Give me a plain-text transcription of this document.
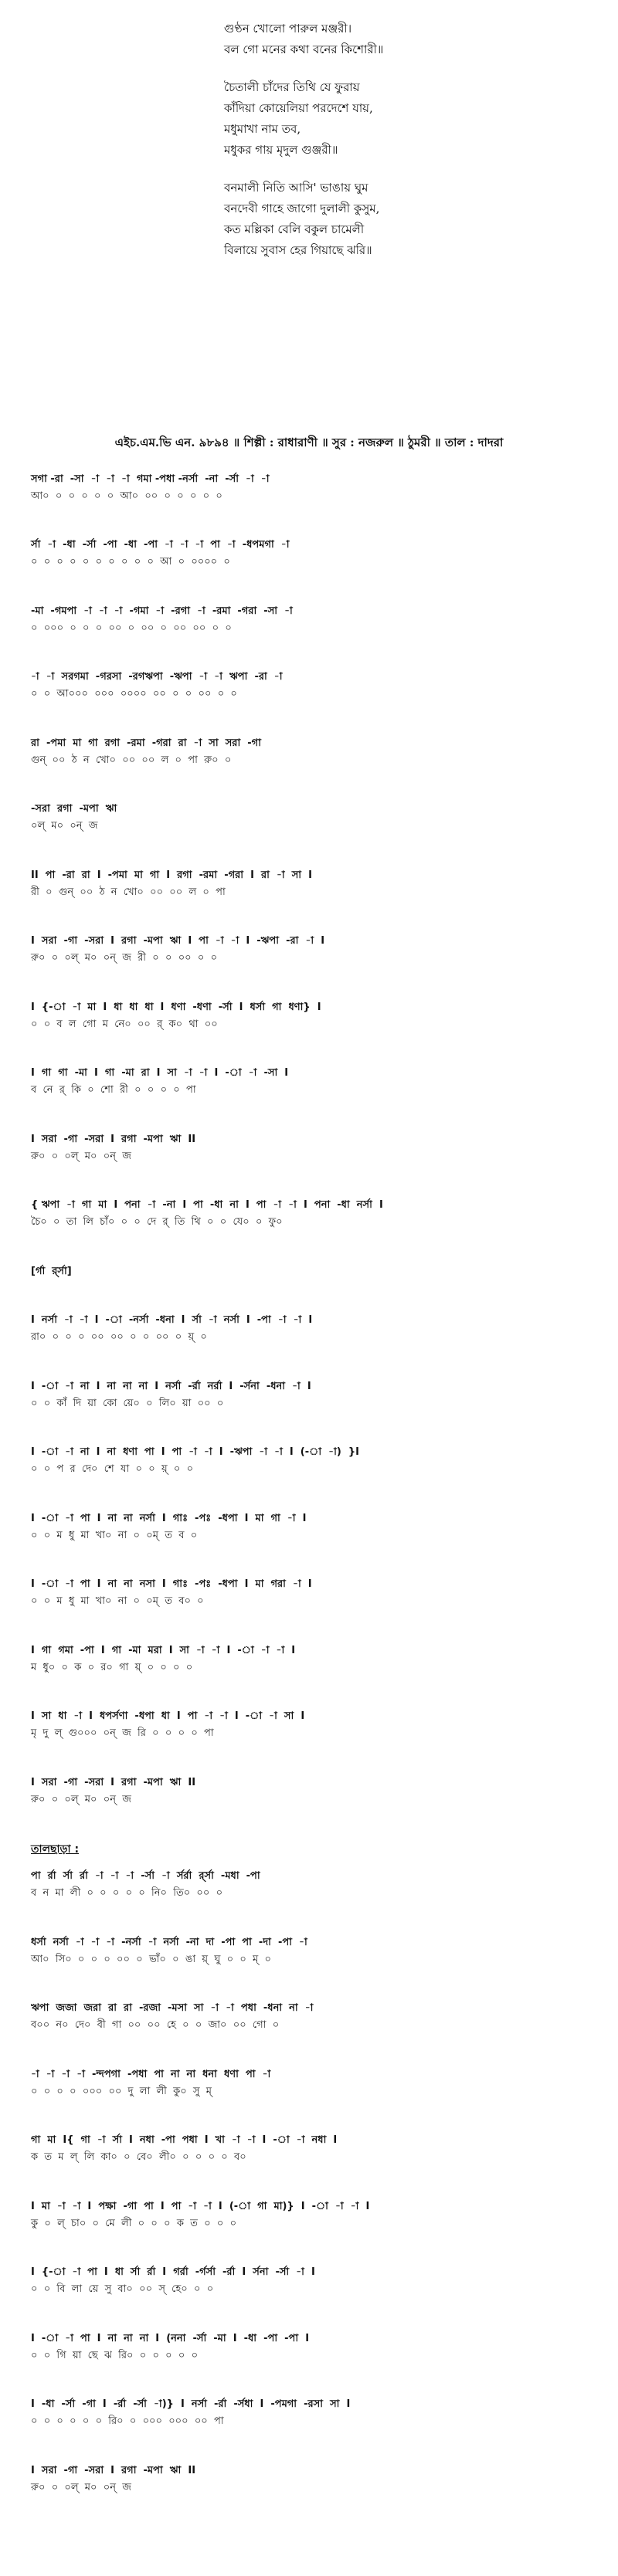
গুণ্ঠন খোলো পারুল মঞ্জরী।
বল গো মনের কথা বনের কিশোরী॥
চৈতালী চাঁদের তিথি যে ফুরায়
কাঁদিয়া কোয়েলিয়া পরদেশে যায়,
মধুমাখা নাম তব,
মধুকর গায় মৃদুল গুঞ্জরী॥
বনমালী নিতি আসি' ভাঙায় ঘুম
বনদেবী গাহে জাগো দুলালী কুসুম,
কত মল্লিকা বেলি বকুল চামেলী
বিলায়ে সুবাস হের গিয়াছে ঝরি॥
এইচ.এম.ভি এন. ৯৮৯৪ ॥ শিল্পী : রাধারাণী ॥ সুর : নজরুল ॥ ঠুমরী ॥ তাল : দাদরা
সগা -রা  -সা  -া  -া  -া  গমা -পধা -নর্সা  -না  -র্সা  -া  -া
আ০  ০  ০  ০  ০  ০  আ০  ০০  ০  ০  ০  ০  ০
র্সা  -া  -ধা  -র্সা  -পা  -ধা  -পা  -া  -া  -া  পা  -া  -ধপমগা  -া
০  ০  ০  ০  ০  ০  ০  ০  ০  ০  আ  ০  ০০০০  ০
-মা  -গমপা  -া  -া  -া  -গমা  -া  -রগা  -া  -রমা  -গরা  -সা  -া
০  ০০০  ০  ০  ০  ০০  ০  ০০  ০  ০০  ০০  ০  ০
-া  -া  সরগমা  -গরসা  -রগঋপা  -ঋপা  -া  -া  ঋপা  -রা  -া
০  ০  আ০০০  ০০০  ০০০০  ০০  ০  ০  ০০  ০  ০
রা  -পমা  মা  গা  রগা  -রমা  -গরা  রা  -া  সা  সরা  -গা
গুন্  ০০  ঠ  ন  খো০  ০০  ০০  ল  ০  পা  রু০  ০
-সরা  রগা  -মপা  ঋা
০ল্  ম০  ০ন্  জ
II  পা  -রা  রা  I  -পমা  মা  গা  I  রগা  -রমা  -গরা  I  রা  -া  সা  I
রী  ০  গুন্  ০০  ঠ  ন  খো০  ০০  ০০  ল  ০  পা
I  সরা  -গা  -সরা  I  রগা  -মপা  ঋা  I  পা  -া  -া  I  -ঋপা  -রা  -া  I
রু০  ০  ০ল্  ম০  ০ন্  জ  রী  ০  ০  ০০  ০  ০
I  {-া  -া  মা  I  ধা  ধা  ধা  I  ধণা  -ধণা  -র্সা  I  ধর্সা  গা  ধণা}  I
০  ০  ব  ল  গো  ম  নে০  ০০  র্  ক০  থা  ০০
I  গা  গা  -মা  I  গা  -মা  রা  I  সা  -া  -া  I  -া  -া  -সা  I
ব  নে  র্  কি  ০  শো  রী  ০  ০  ০  ০  পা
I  সরা  -গা  -সরা  I  রগা  -মপা  ঋা  II
রু০  ০  ০ল্  ম০  ০ন্  জ
{ ঋপা  -া  গা  মা  I  পনা  -া  -না  I  পা  -ধা  না  I  পা  -া  -া  I  পনা  -ধা  নর্সা  I
চৈ০  ০  তা  লি  চাঁ০  ০  ০  দে  র্  তি  থি  ০  ০  যে০  ০  ফু০
[র্গা  র্র্সা]
I  নর্সা  -া  -া  I  -া  -নর্সা  -ধনা  I  র্সা  -া  নর্সা  I  -পা  -া  -া  I
রা০  ০  ০  ০  ০০  ০০  ০  ০  ০০  ০  য়্  ০
I  -া  -া  না  I  না  না  না  I  নর্সা  -র্রা  নর্রা  I  -র্সনা  -ধনা  -া  I
০  ০  কাঁ  দি  য়া  কো  য়ে০  ০  লি০  য়া  ০০  ০
I  -া  -া  না  I  না  ধণা  পা  I  পা  -া  -া  I  -ঋপা  -া  -া  I  (-া  -া)  }I
০  ০  প  র  দে০  শে  যা  ০  ০  য়্  ০  ০
I  -া  -া  পা  I  না  না  নর্সা  I  গাঃ  -পঃ  -ধপা  I  মা  গা  -া  I
০  ০  ম  ধু  মা  খা০  না  ০  ০ম্  ত  ব  ০
I  -া  -া  পা  I  না  না  নসা  I  গাঃ  -পঃ  -ধপা  I  মা  গরা  -া  I
০  ০  ম  ধু  মা  খা০  না  ০  ০ম্  ত  ব০  ০
I  গা  গমা  -পা  I  গা  -মা  মরা  I  সা  -া  -া  I  -া  -া  -া  I
ম  ধু০  ০  ক  ০  র০  গা  য়্  ০  ০  ০  ০
I  সা  ধা  -া  I  ধপর্সণা  -ধপা  ধা  I  পা  -া  -া  I  -া  -া  সা  I
মৃ  দু  ল্  গু০০০  ০ন্  জ  রি  ০  ০  ০  ০  পা
I  সরা  -গা  -সরা  I  রগা  -মপা  ঋা  II
রু০  ০  ০ল্  ম০  ০ন্  জ
তালছাড়া :
পা  র্রা  র্সা  র্রা  -া  -া  -া  -র্সা  -া  র্সর্রা  র্র্সা  -মধা  -পা
ব  ন  মা  লী  ০  ০  ০  ০  ০  নি০  তি০  ০০  ০
ধর্সা  নর্সা  -া  -া  -া  -নর্সা  -া  নর্সা  -না  দা  -পা  পা  -দা  -পা  -া
আ০  সি০  ০  ০  ০  ০০  ০  ভাঁ০  ০  ঙা  য়্  ঘু  ০  ০  ম্  ০
ঋপা  জজা  জরা  রা  রা  -রজা  -মসা  সা  -া  -া  পধা  -ধনা  না  -া
ব০০  ন০  দে০  বী  গা  ০০  ০০  হে  ০  ০  জা০  ০০  গো  ০
-া  -া  -া  -া  -ন্দপগা  -পধা  পা  না  না  ধনা  ধণা  পা  -া
০  ০  ০  ০  ০০০  ০০  দু  লা  লী  কু০  সু  ম্
গা  মা  I{  গা  -া  র্সা  I  নধা  -পা  পধা  I  খা  -া  -া  I  -া  -া  নধা  I
ক  ত  ম  ল্  লি  কা০  ০  বে০  লী০  ০  ০  ০  ০  ব০
I  মা  -া  -া  I  পক্ষা  -গা  পা  I  পা  -া  -া  I  (-া  গা  মা)}  I  -া  -া  -া  I
কু  ০  ল্  চা০  ০  মে  লী  ০  ০  ০  ক  ত  ০  ০  ০
I  {-া  -া  পা  I  ধা  র্সা  র্রা  I  গর্রা  -র্গর্সা  -র্রা  I  র্সনা  -র্সা  -া  I
০  ০  বি  লা  য়ে  সু  বা০  ০০  স্  হে০  ০  ০
I  -া  -া  পা  I  না  না  না  I  (ননা  -র্সা  -মা  I  -ধা  -পা  -পা  I
০  ০  গি  য়া  ছে  ঝ  রি০  ০  ০  ০  ০  ০
I  -ধা  -র্সা  -গা  I  -র্রা  -র্সা  -া)}  I  নর্সা  -র্রা  -র্সধা  I  -পমগা  -রসা  সা  I
০  ০  ০  ০  ০  ০  রি০  ০  ০০০  ০০০  ০০  পা
I  সরা  -গা  -সরা  I  রগা  -মপা  ঋা  II
রু০  ০  ০ল্  ম০  ০ন্  জ
